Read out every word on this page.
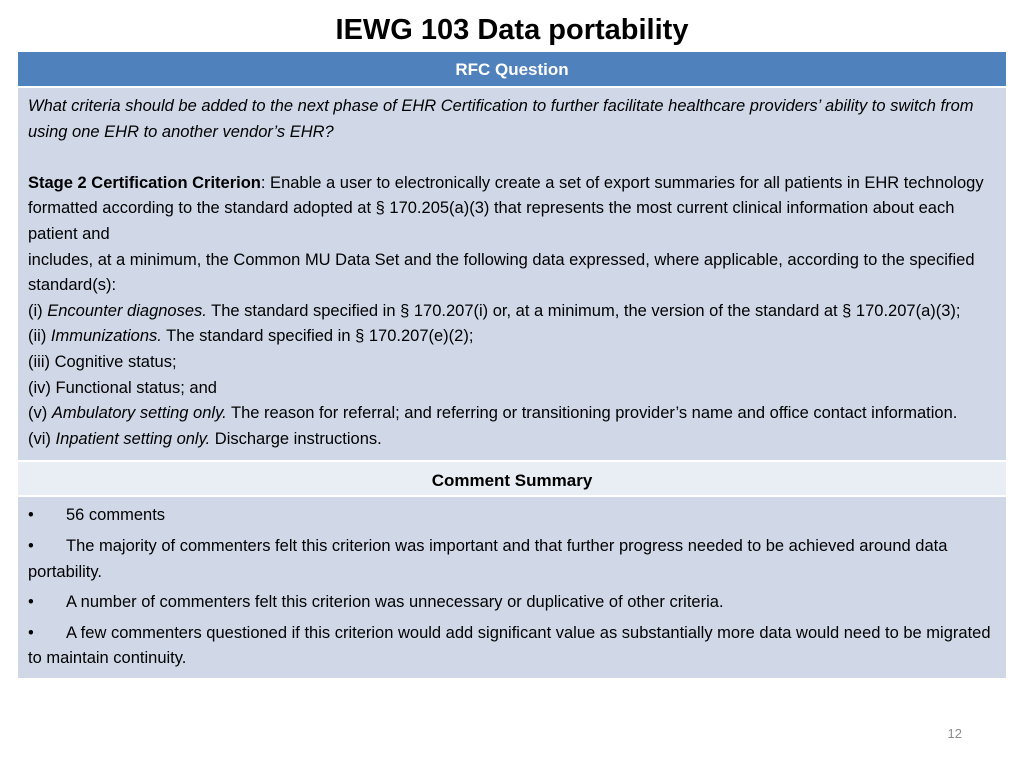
IEWG 103 Data portability
RFC Question

What criteria should be added to the next phase of EHR Certification to further facilitate healthcare providers’ ability to switch from using one EHR to another vendor’s EHR?

Stage 2 Certification Criterion: Enable a user to electronically create a set of export summaries for all patients in EHR technology formatted according to the standard adopted at § 170.205(a)(3) that represents the most current clinical information about each patient and

includes, at a minimum, the Common MU Data Set and the following data expressed, where applicable, according to the specified standard(s):

(i) Encounter diagnoses. The standard specified in § 170.207(i) or, at a minimum, the version of the standard at § 170.207(a)(3);

(ii) Immunizations. The standard specified in § 170.207(e)(2);

(iii) Cognitive status;

(iv) Functional status; and

(v) Ambulatory setting only. The reason for referral; and referring or transitioning provider’s name and office contact information.

(vi) Inpatient setting only. Discharge instructions.

Comment Summary

• 56 comments

• The majority of commenters felt this criterion was important and that further progress needed to be achieved around data portability.

• A number of commenters felt this criterion was unnecessary or duplicative of other criteria.

• A few commenters questioned if this criterion would add significant value as substantially more data would need to be migrated to maintain continuity.

12
